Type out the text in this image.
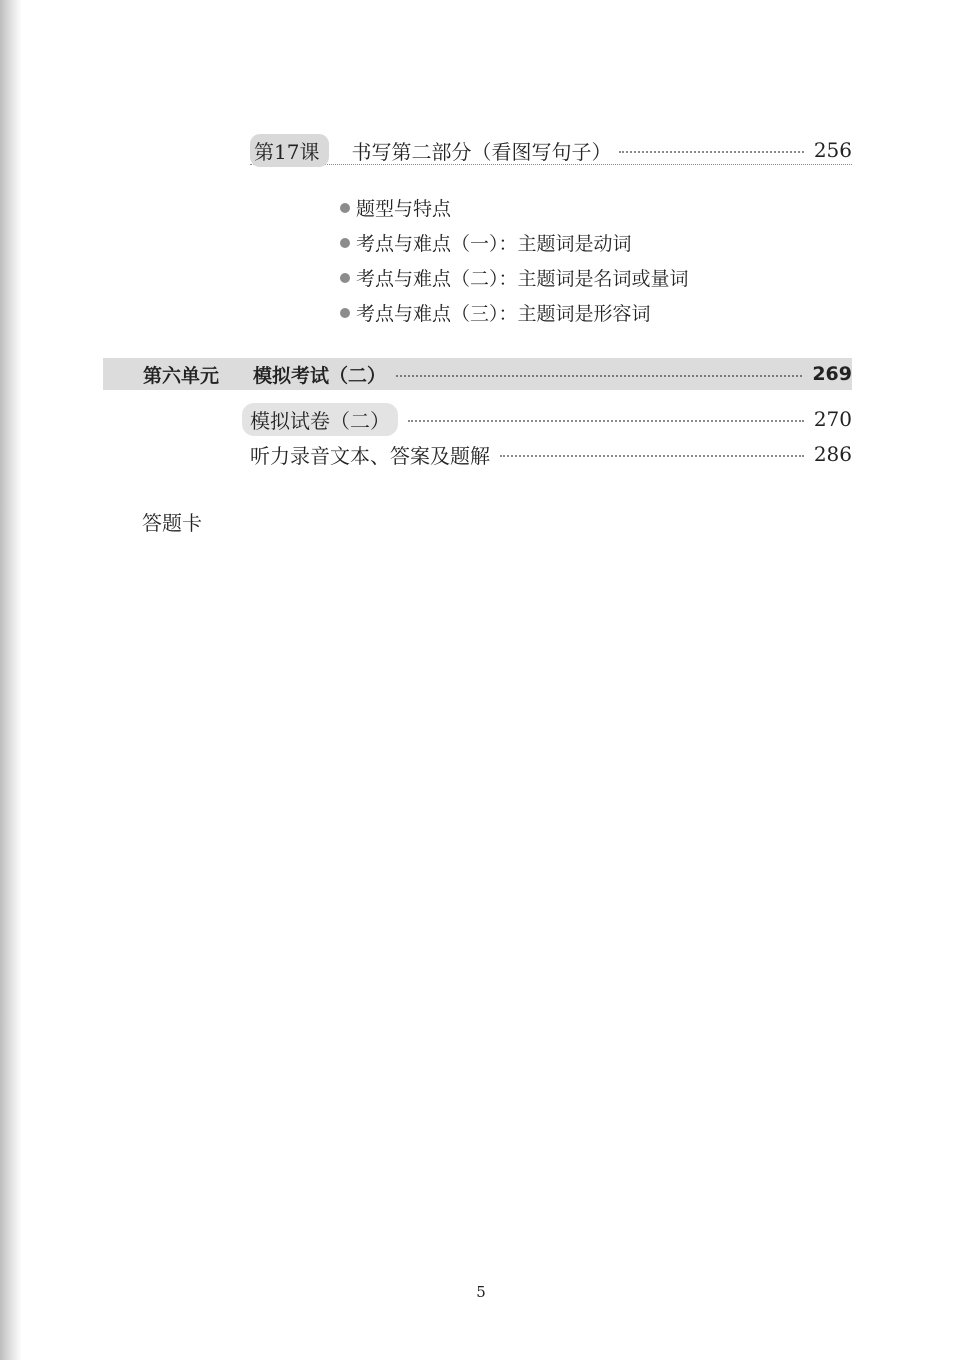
第17课	书写第二部分（看图写句子）	256
题型与特点
考点与难点（一）：主题词是动词
考点与难点（二）：主题词是名词或量词
考点与难点（三）：主题词是形容词
第六单元	模拟考试（二）	269
模拟试卷（二）	270
听力录音文本、答案及题解	286
答题卡
5
